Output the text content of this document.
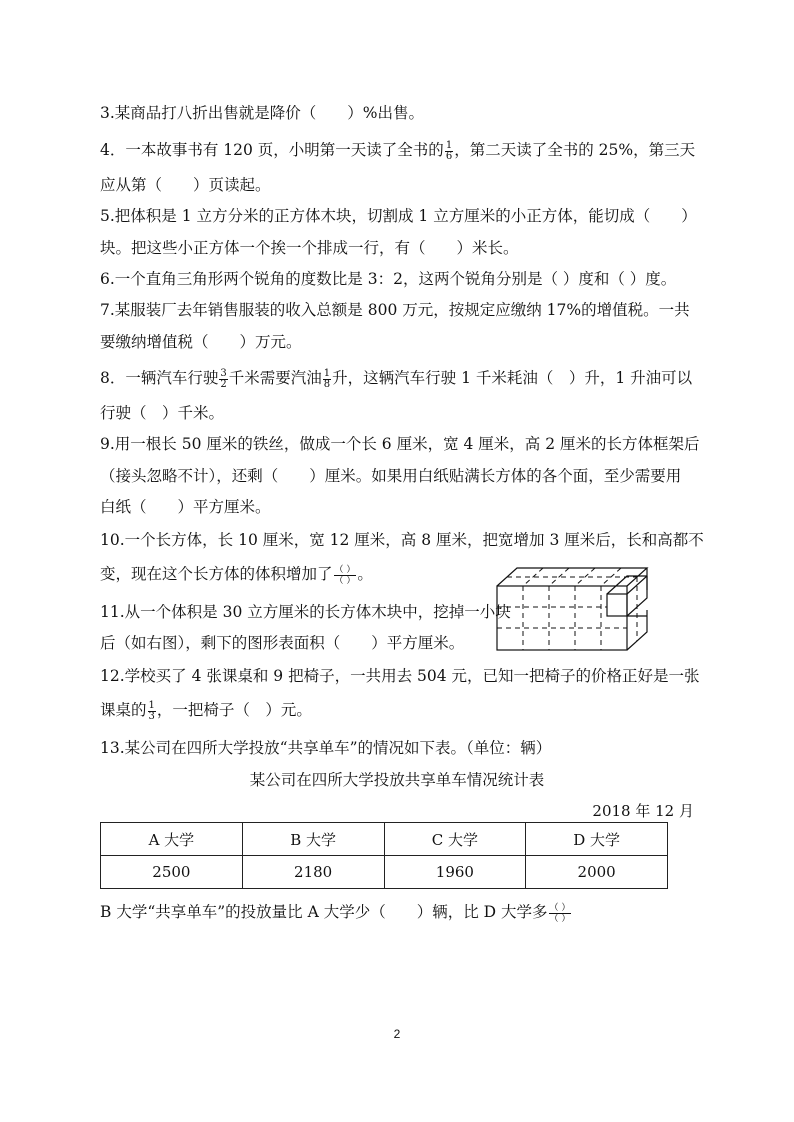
3.某商品打八折出售就是降价（　　）%出售。
4．一本故事书有 120 页，小明第一天读了全书的 $\frac{1}{6}$ ，第二天读了全书的 25%，第三天
应从第（　　）页读起。
5.把体积是 1 立方分米的正方体木块，切割成 1 立方厘米的小正方体，能切成（　　）
块。把这些小正方体一个挨一个排成一行，有（　　）米长。
6.一个直角三角形两个锐角的度数比是 3：2，这两个锐角分别是（ ）度和（ ）度。
7.某服装厂去年销售服装的收入总额是 800 万元，按规定应缴纳 17%的增值税。一共
要缴纳增值税（　　）万元。
8．一辆汽车行驶 $\frac{3}{2}$ 千米需要汽油 $\frac{1}{8}$ 升，这辆汽车行驶 1 千米耗油（　）升，1 升油可以
行驶（　）千米。
9.用一根长 50 厘米的铁丝，做成一个长 6 厘米，宽 4 厘米，高 2 厘米的长方体框架后
（接头忽略不计），还剩（　　）厘米。如果用白纸贴满长方体的各个面，至少需要用
白纸（　　）平方厘米。
10.一个长方体，长 10 厘米，宽 12 厘米，高 8 厘米，把宽增加 3 厘米后，长和高都不
变，现在这个长方体的体积增加了 $\frac{( )}{( )}$ 。
11.从一个体积是 30 立方厘米的长方体木块中，挖掉一小块
后（如右图），剩下的图形表面积（　　）平方厘米。
12.学校买了 4 张课桌和 9 把椅子，一共用去 504 元，已知一把椅子的价格正好是一张
课桌的 $\frac{1}{3}$ ，一把椅子（　）元。
13.某公司在四所大学投放“共享单车”的情况如下表。（单位：辆）
某公司在四所大学投放共享单车情况统计表
2018 年 12 月
A 大学	B 大学	C 大学	D 大学
2500	2180	1960	2000
B 大学“共享单车”的投放量比 A 大学少（　　）辆，比 D 大学多 $\frac{( )}{( )}$
2
